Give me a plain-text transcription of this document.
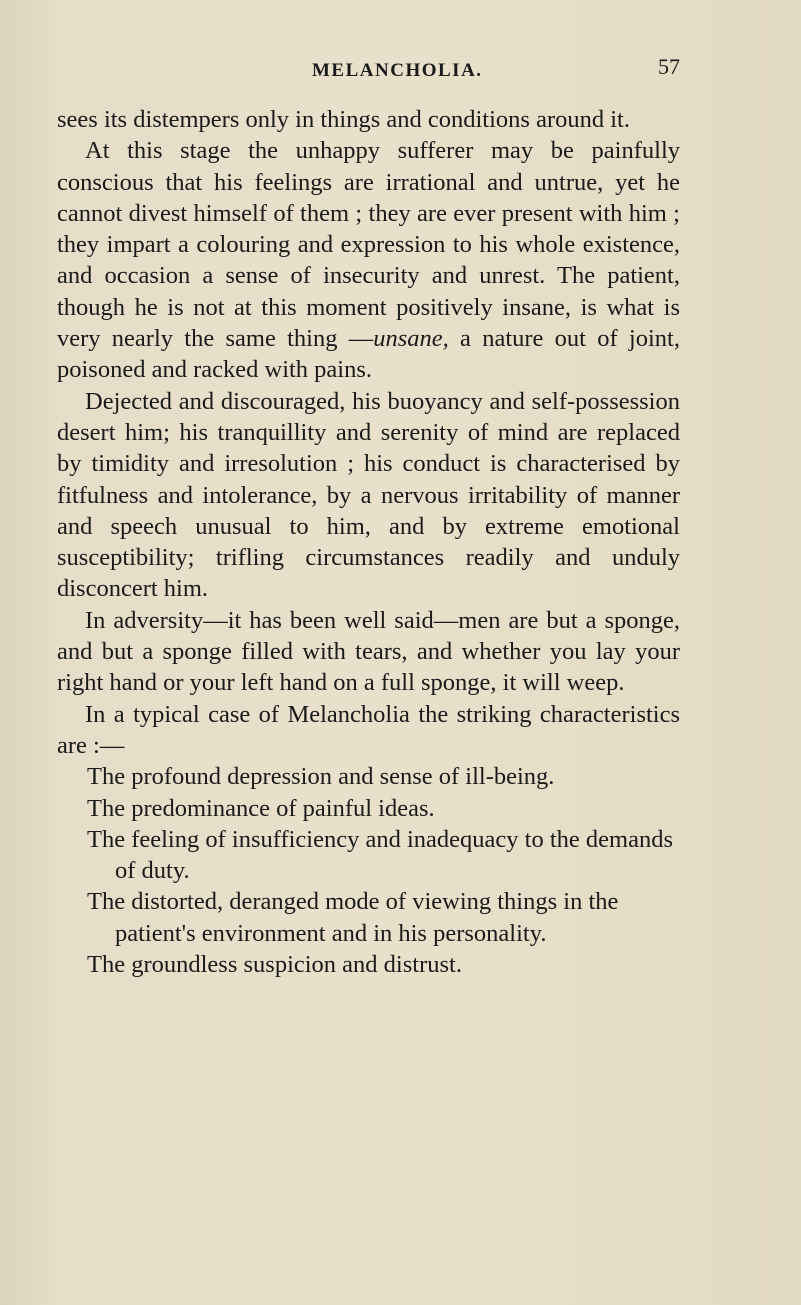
MELANCHOLIA.	57

sees its distempers only in things and conditions around it.

At this stage the unhappy sufferer may be painfully conscious that his feelings are irrational and untrue, yet he cannot divest himself of them ; they are ever present with him ; they impart a colouring and expression to his whole existence, and occasion a sense of insecurity and unrest. The patient, though he is not at this moment positively insane, is what is very nearly the same thing —unsane, a nature out of joint, poisoned and racked with pains.

Dejected and discouraged, his buoyancy and self-possession desert him; his tranquillity and serenity of mind are replaced by timidity and irresolution ; his conduct is characterised by fitfulness and intolerance, by a nervous irritability of manner and speech unusual to him, and by extreme emotional susceptibility; trifling circumstances readily and unduly disconcert him.

In adversity—it has been well said—men are but a sponge, and but a sponge filled with tears, and whether you lay your right hand or your left hand on a full sponge, it will weep.

In a typical case of Melancholia the striking characteristics are :—

The profound depression and sense of ill-being.
The predominance of painful ideas.
The feeling of insufficiency and inadequacy to the demands of duty.
The distorted, deranged mode of viewing things in the patient's environment and in his personality.
The groundless suspicion and distrust.
